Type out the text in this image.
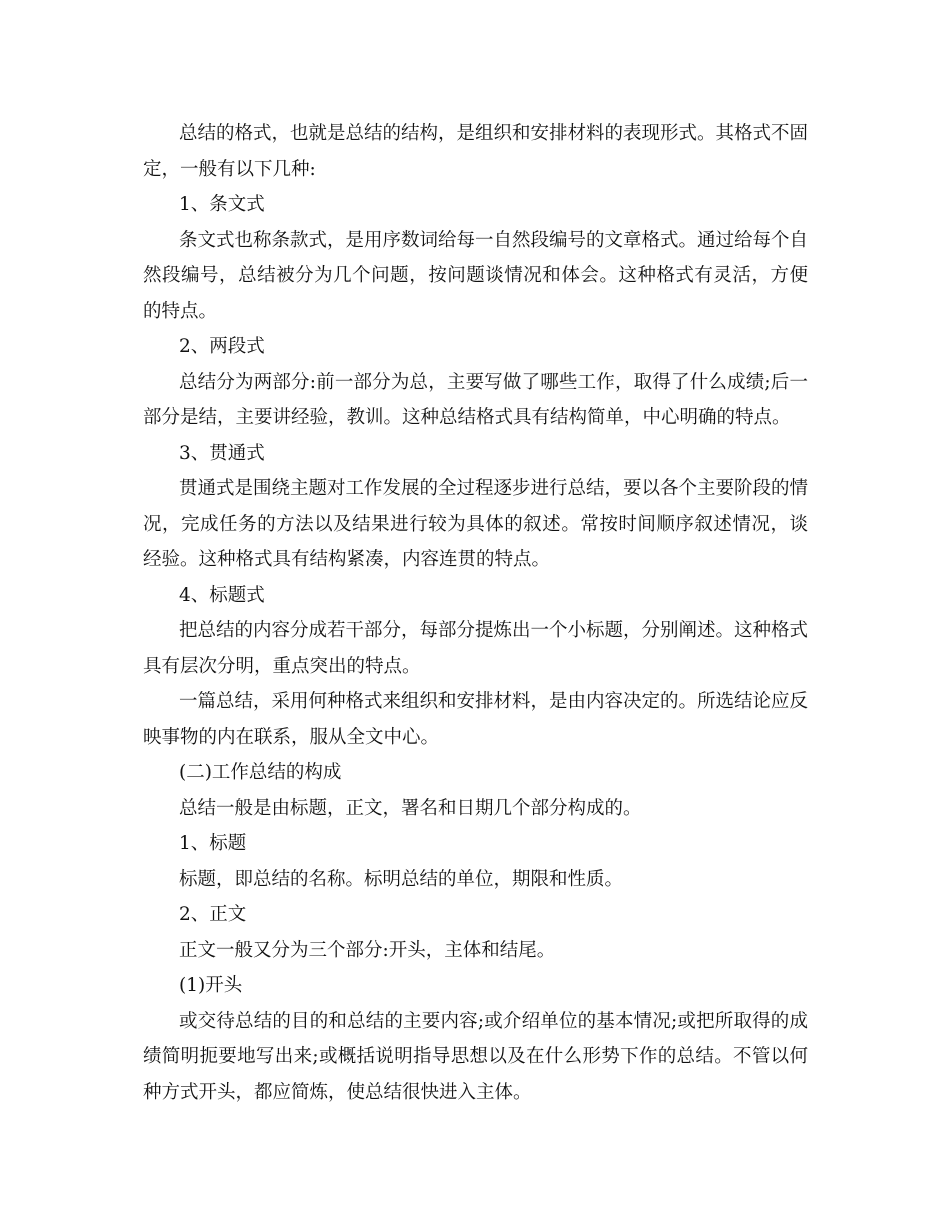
总结的格式，也就是总结的结构，是组织和安排材料的表现形式。其格式不固定，一般有以下几种:

1、条文式

条文式也称条款式，是用序数词给每一自然段编号的文章格式。通过给每个自然段编号，总结被分为几个问题，按问题谈情况和体会。这种格式有灵活，方便的特点。

2、两段式

总结分为两部分:前一部分为总，主要写做了哪些工作，取得了什么成绩;后一部分是结，主要讲经验，教训。这种总结格式具有结构简单，中心明确的特点。

3、贯通式

贯通式是围绕主题对工作发展的全过程逐步进行总结，要以各个主要阶段的情况，完成任务的方法以及结果进行较为具体的叙述。常按时间顺序叙述情况，谈经验。这种格式具有结构紧凑，内容连贯的特点。

4、标题式

把总结的内容分成若干部分，每部分提炼出一个小标题，分别阐述。这种格式具有层次分明，重点突出的特点。

一篇总结，采用何种格式来组织和安排材料，是由内容决定的。所选结论应反映事物的内在联系，服从全文中心。

(二)工作总结的构成

总结一般是由标题，正文，署名和日期几个部分构成的。

1、标题

标题，即总结的名称。标明总结的单位，期限和性质。

2、正文

正文一般又分为三个部分:开头，主体和结尾。

(1)开头

或交待总结的目的和总结的主要内容;或介绍单位的基本情况;或把所取得的成绩简明扼要地写出来;或概括说明指导思想以及在什么形势下作的总结。不管以何种方式开头，都应简炼，使总结很快进入主体。
